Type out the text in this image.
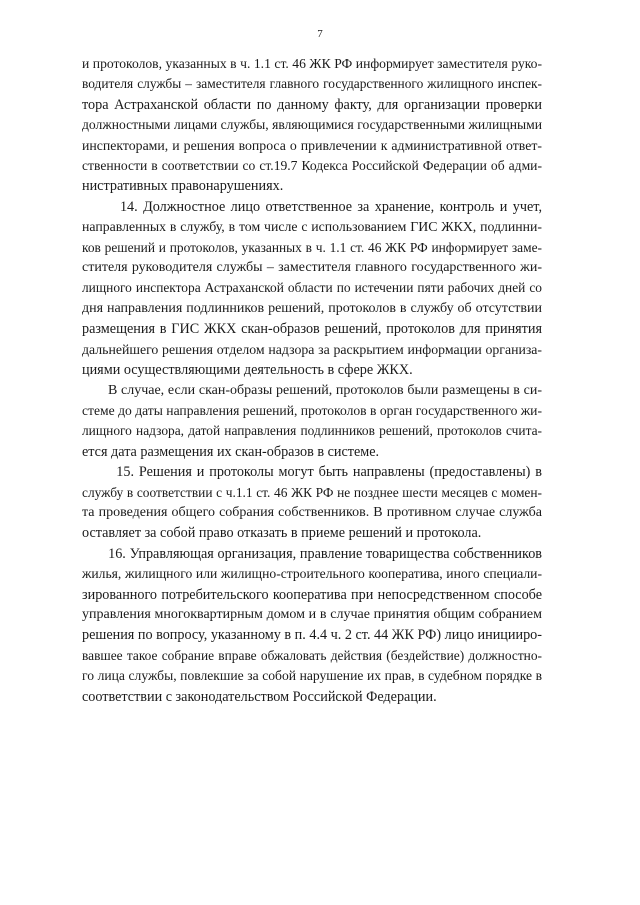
7
и протоколов, указанных в ч. 1.1 ст. 46 ЖК РФ информирует заместителя руко-
водителя службы – заместителя главного государственного жилищного инспек-
тора Астраханской области по данному факту, для организации проверки
должностными лицами службы, являющимися государственными жилищными
инспекторами, и решения вопроса о привлечении к административной ответ-
ственности в соответствии со ст.19.7 Кодекса Российской Федерации об адми-
нистративных правонарушениях.
14. Должностное лицо ответственное за хранение, контроль и учет,
направленных в службу, в том числе с использованием ГИС ЖКХ, подлинни-
ков решений и протоколов, указанных в ч. 1.1 ст. 46 ЖК РФ информирует заме-
стителя руководителя службы – заместителя главного государственного жи-
лищного инспектора Астраханской области по истечении пяти рабочих дней со
дня направления подлинников решений, протоколов в службу об отсутствии
размещения в ГИС ЖКХ скан-образов решений, протоколов для принятия
дальнейшего решения отделом надзора за раскрытием информации организа-
циями осуществляющими деятельность в сфере ЖКХ.
В случае, если скан-образы решений, протоколов были размещены в си-
стеме до даты направления решений, протоколов в орган государственного жи-
лищного надзора, датой направления подлинников решений, протоколов счита-
ется дата размещения их скан-образов в системе.
15. Решения и протоколы могут быть направлены (предоставлены) в
службу в соответствии с ч.1.1 ст. 46 ЖК РФ не позднее шести месяцев с момен-
та проведения общего собрания собственников. В противном случае служба
оставляет за собой право отказать в приеме решений и протокола.
16. Управляющая организация, правление товарищества собственников
жилья, жилищного или жилищно-строительного кооператива, иного специали-
зированного потребительского кооператива при непосредственном способе
управления многоквартирным домом и в случае принятия общим собранием
решения по вопросу, указанному в п. 4.4 ч. 2 ст. 44 ЖК РФ) лицо иницииро-
вавшее такое собрание вправе обжаловать действия (бездействие) должностно-
го лица службы, повлекшие за собой нарушение их прав, в судебном порядке в
соответствии с законодательством Российской Федерации.
